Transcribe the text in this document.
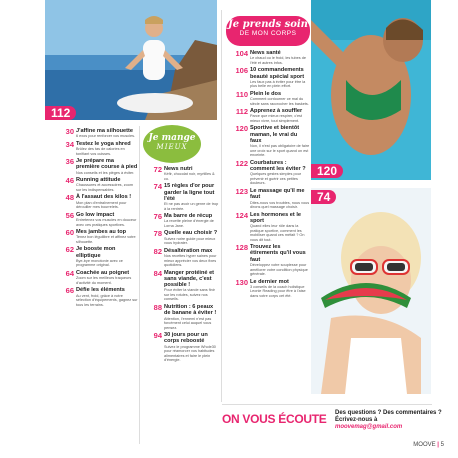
112
120
74
30 J'affine ma silhouette
6 exos pour renforcer vos muscles.
34 Testez le yoga shred
Brûlez des tas de calories en tonifiant vos cuisses.
36 Je prépare ma première course à pied
Nos conseils et les pièges à éviter.
46 Running attitude
Chaussures et accessoires, zoom sur les indispensables.
48 À l'assaut des kilos !
Mon plan d'entraînement pour dérouiller mes bourrelets.
56 Go low impact
Entretenez vos muscles en douceur avec ces pratiques sportives.
60 Mes jambes au top
Tenez bon lèguilibre et affinez votre silhouette.
62 Je booste mon elliptique
Bye-bye monotonie avec ce programme original.
64 Coachée au poignet
Zoom sur les meilleurs traqueurs d'activité du moment.
66 Défie les éléments
Au vent, froid, grâce à notre sélection d'équipements, gagnez sur tous les terrains.
Je mange
MIEUX
72 News nutri
Kéfir, chocolat noir, myrtilles & co.
74 15 règles d'or pour garder la ligne tout l'été
Et ne pas avoir un genre de trop à la rentrée.
76 Ma barre de récup
La recette pleine d'énergie de Lorna Jane.
78 Quelle eau choisir ?
Suivez notre guide pour mieux vous hydrater.
82 Désaltération max
Nos recettes hyper saines pour mieux apprécier vos deux fixes quotidiens.
84 Manger protéiné et sans viande, c'est possible !
Pour éviter la viande sans finir sur les rotules, suivez nos conseils.
88 Nutrition : 6 peaux de banane à éviter !
Attention, l'ennemi n'est pas forcément celui auquel vous pensez.
94 30 jours pour un corps reboosté
Suivez le programme Whole30 pour réamorcer vos habitudes alimentaires et faire le plein d'énergie.
Je prends soin
DE MON CORPS
104 News santé
Le chaud ou le froid, les tubes de l'été et autres infos.
106 10 commandements beauté spécial sport
Les faux pas à éviter pour être la plus belle en plein effort.
110 Plein le dos
Comment contourner ce mal du siècle sans raccrocher les baskets.
112 Apprenez à souffler
Parce que mieux respirer, c'est mieux vivre, tout simplement.
120 Sportive et bientôt maman, le vrai du faux
Non, il n'est pas obligatoire de faire une croix sur le sport quand on est enceinte.
122 Courbatures : comment les éviter ?
Quelques gestes simples pour prévenir et guérir ces petites douleurs.
123 Le massage qu'il me faut
Dites-nous vos troubles, nous vous dirons quel massage choisir.
124 Les hormones et le sport
Quand elles leur rôle dans la pratique sportive, comment les mobiliser quand ces méfait ? On vous dit tout.
128 Trouvez les étirements qu'il vous faut
Développez votre souplesse pour améliorer votre condition physique générale.
130 Le dernier mot
3 conseils de la coach holistique Leonie Reading pour être à l'aise dans votre corps cet été.
ON VOUS ÉCOUTE Des questions ? Des commentaires ?
Écrivez-nous à
moovemag@gmail.com
MOOVE | 5
